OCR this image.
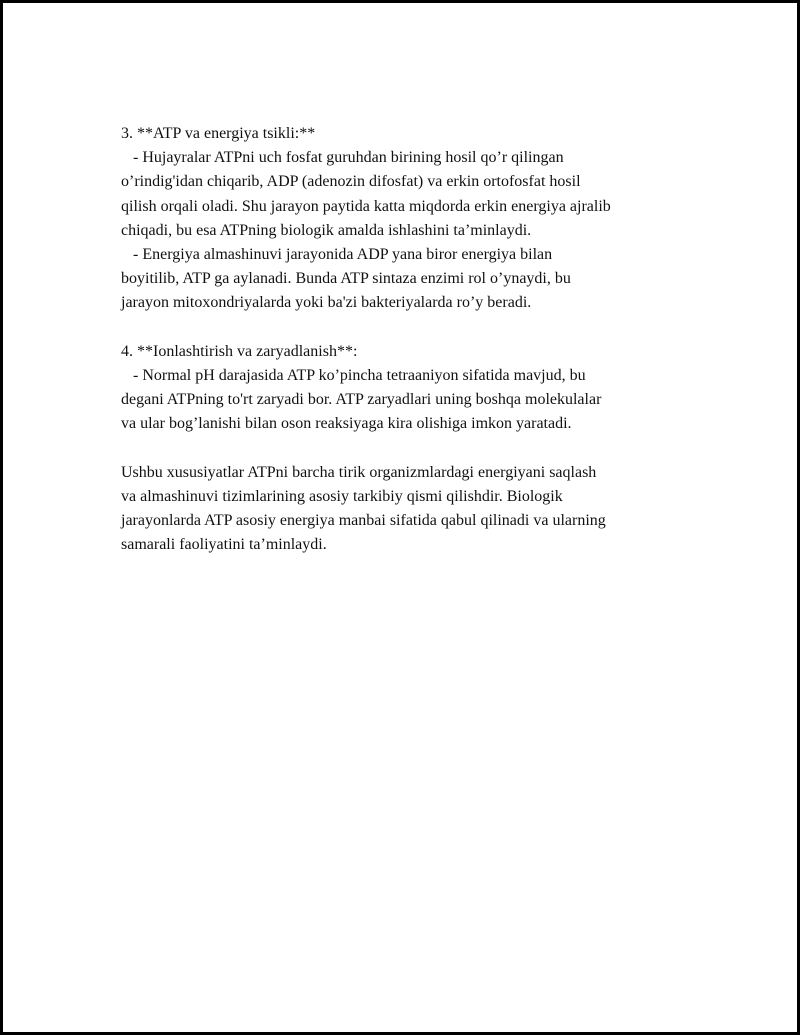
3. **ATP va energiya tsikli:**
- Hujayralar ATPni uch fosfat guruhdan birining hosil qo’r qilingan
o’rindig'idan chiqarib, ADP (adenozin difosfat) va erkin ortofosfat hosil
qilish orqali oladi. Shu jarayon paytida katta miqdorda erkin energiya ajralib
chiqadi, bu esa ATPning biologik amalda ishlashini ta’minlaydi.
- Energiya almashinuvi jarayonida ADP yana biror energiya bilan
boyitilib, ATP ga aylanadi. Bunda ATP sintaza enzimi rol o’ynaydi, bu
jarayon mitoxondriyalarda yoki ba'zi bakteriyalarda ro’y beradi.
4. **Ionlashtirish va zaryadlanish**:
- Normal pH darajasida ATP ko’pincha tetraaniyon sifatida mavjud, bu
degani ATPning to'rt zaryadi bor. ATP zaryadlari uning boshqa molekulalar
va ular bog’lanishi bilan oson reaksiyaga kira olishiga imkon yaratadi.
Ushbu xususiyatlar ATPni barcha tirik organizmlardagi energiyani saqlash
va almashinuvi tizimlarining asosiy tarkibiy qismi qilishdir. Biologik
jarayonlarda ATP asosiy energiya manbai sifatida qabul qilinadi va ularning
samarali faoliyatini ta’minlaydi.
